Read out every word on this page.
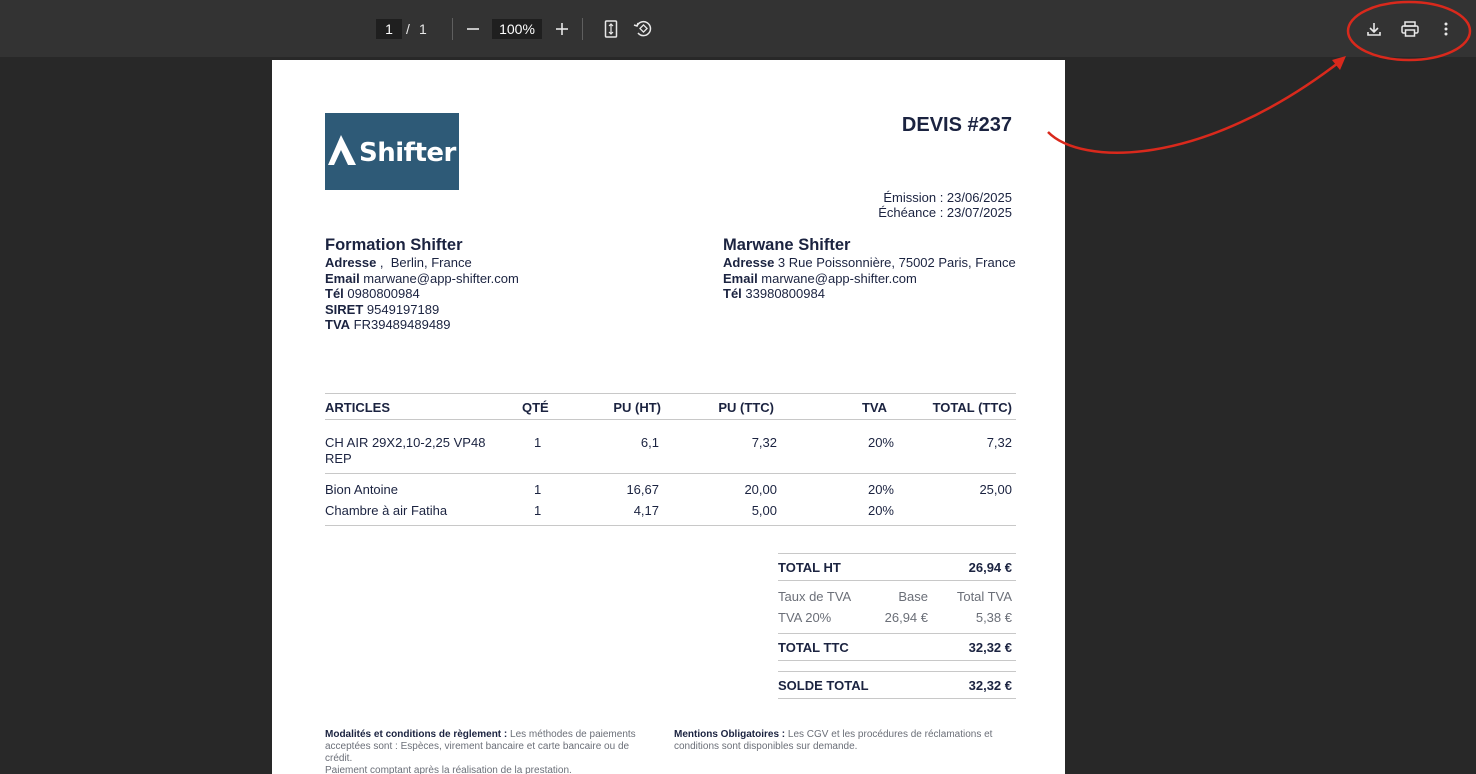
1 / 1	100%
Shifter
DEVIS #237
Émission : 23/06/2025
Échéance : 23/07/2025
Formation Shifter
Adresse ,  Berlin, France
Email marwane@app-shifter.com
Tél 0980800984
SIRET 9549197189
TVA FR39489489489
Marwane Shifter
Adresse 3 Rue Poissonnière, 75002 Paris, France
Email marwane@app-shifter.com
Tél 33980800984
ARTICLES	QTÉ	PU (HT)	PU (TTC)	TVA	TOTAL (TTC)
CH AIR 29X2,10-2,25 VP48 REP
1	6,1	7,32	20%	7,32
Bion Antoine	1	16,67	20,00	20%	25,00
Chambre à air Fatiha	1	4,17	5,00	20%
TOTAL HT	26,94 €
Taux de TVA	Base	Total TVA
TVA 20%	26,94 €	5,38 €
TOTAL TTC	32,32 €
SOLDE TOTAL	32,32 €
Modalités et conditions de règlement : Les méthodes de paiements acceptées sont : Espèces, virement bancaire et carte bancaire ou de crédit.
Paiement comptant après la réalisation de la prestation.
Mentions Obligatoires : Les CGV et les procédures de réclamations et conditions sont disponibles sur demande.
